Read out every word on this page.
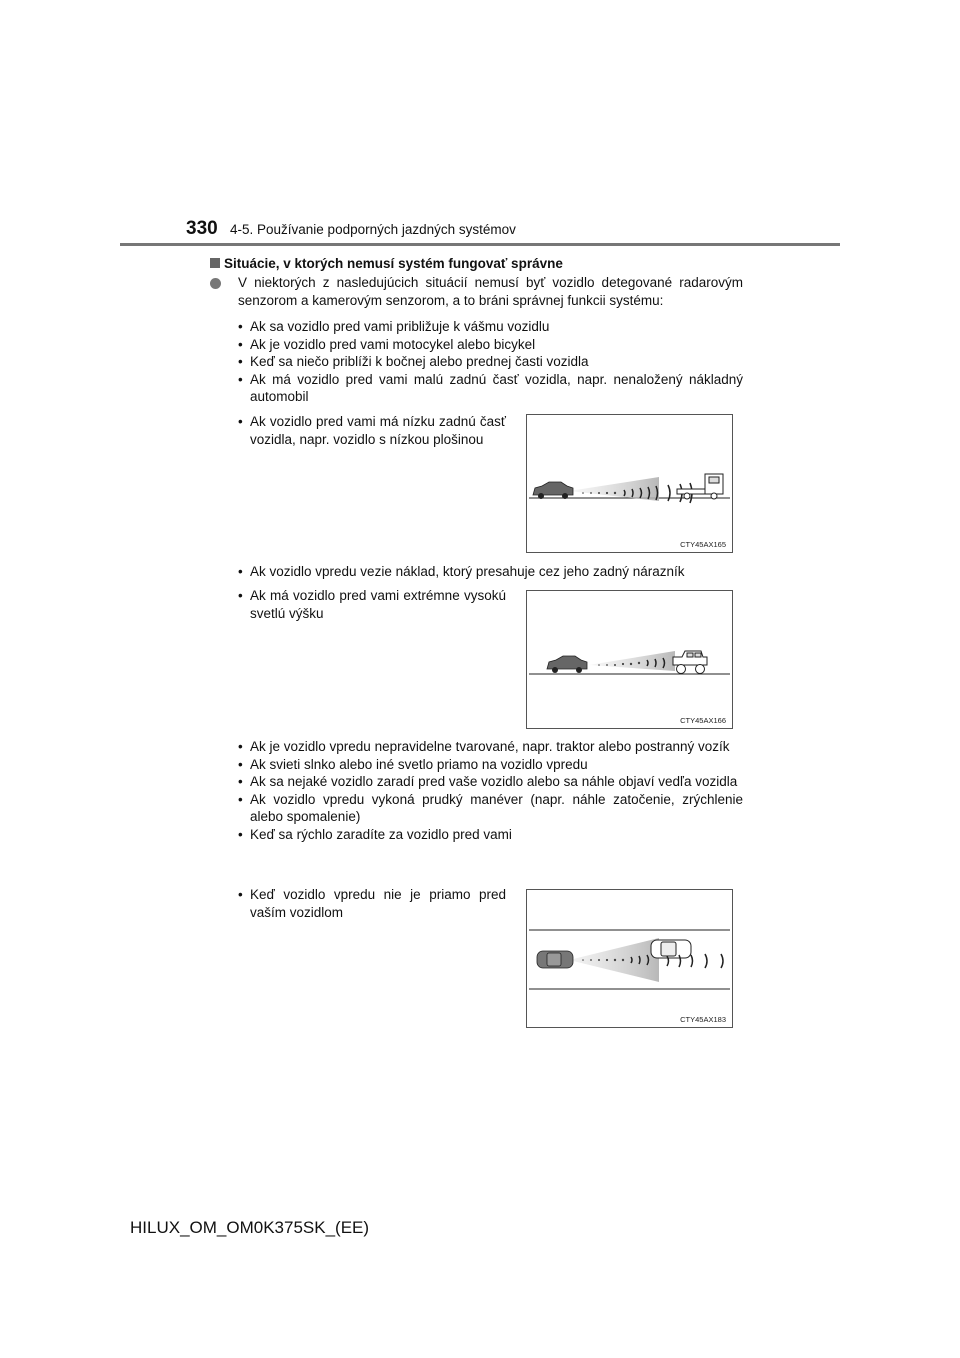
330 4-5. Používanie podporných jazdných systémov
Situácie, v ktorých nemusí systém fungovať správne
V niektorých z nasledujúcich situácií nemusí byť vozidlo detegované radarovým senzorom a kamerovým senzorom, a to bráni správnej funkcii systému:
• Ak sa vozidlo pred vami približuje k vášmu vozidlu
• Ak je vozidlo pred vami motocykel alebo bicykel
• Keď sa niečo priblíži k bočnej alebo prednej časti vozidla
• Ak má vozidlo pred vami malú zadnú časť vozidla, napr. nenaložený nákladný automobil
• Ak vozidlo pred vami má nízku zadnú časť vozidla, napr. vozidlo s nízkou plošinou
CTY45AX165
• Ak vozidlo vpredu vezie náklad, ktorý presahuje cez jeho zadný nárazník
• Ak má vozidlo pred vami extrémne vysokú svetlú výšku
CTY45AX166
• Ak je vozidlo vpredu nepravidelne tvarované, napr. traktor alebo postranný vozík
• Ak svieti slnko alebo iné svetlo priamo na vozidlo vpredu
• Ak sa nejaké vozidlo zaradí pred vaše vozidlo alebo sa náhle objaví vedľa vozidla
• Ak vozidlo vpredu vykoná prudký manéver (napr. náhle zatočenie, zrýchlenie alebo spomalenie)
• Keď sa rýchlo zaradíte za vozidlo pred vami
• Keď vozidlo vpredu nie je priamo pred vaším vozidlom
CTY45AX183
HILUX_OM_OM0K375SK_(EE)
